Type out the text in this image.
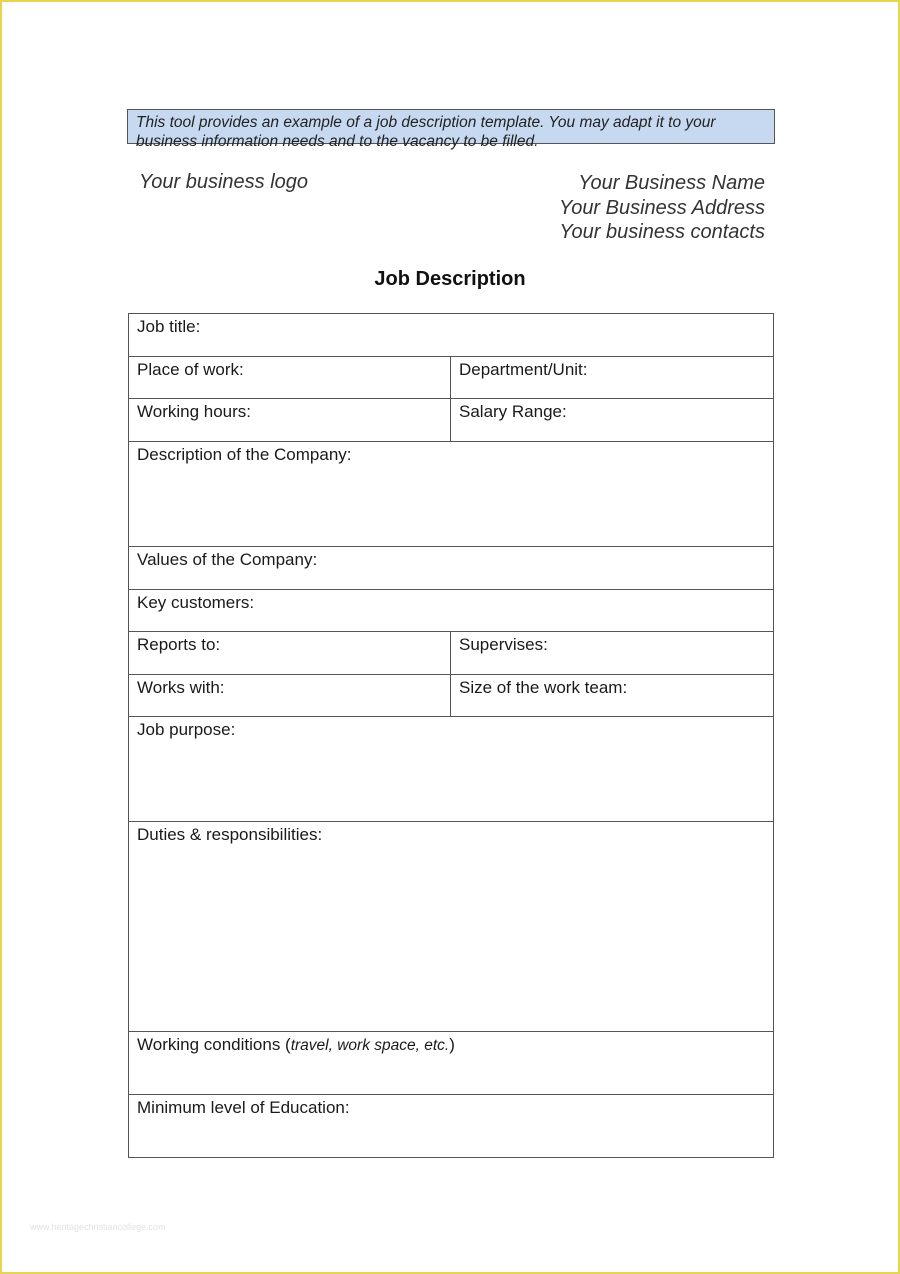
This tool provides an example of a job description template. You may adapt it to your
business information needs and to the vacancy to be filled.
Your business logo	Your Business Name
Your Business Address
Your business contacts
Job Description
Job title:	
Place of work:	Department/Unit:
Working hours:	Salary Range:
Description of the Company:	
Values of the Company:	
Key customers:	
Reports to:	Supervises:
Works with:	Size of the work team:
Job purpose:	
Duties & responsibilities:	
Working conditions (travel, work space, etc.)	
Minimum level of Education:	
www.heritagechristiancollege.com
